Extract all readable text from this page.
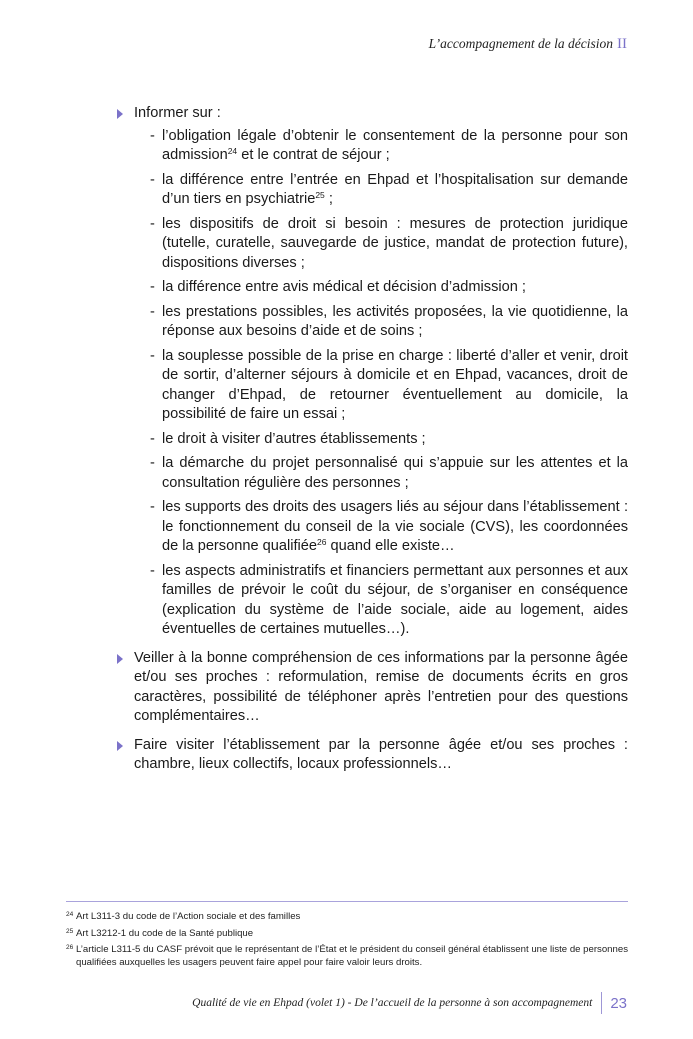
L’accompagnement de la décision II
Informer sur :
- l’obligation légale d’obtenir le consentement de la personne pour son admission$^{24}$ et le contrat de séjour ;
- la différence entre l’entrée en Ehpad et l’hospitalisation sur demande d’un tiers en psychiatrie$^{25}$ ;
- les dispositifs de droit si besoin : mesures de protection juridique (tutelle, curatelle, sauvegarde de justice, mandat de protection future), dispositions diverses ;
- la différence entre avis médical et décision d’admission ;
- les prestations possibles, les activités proposées, la vie quotidienne, la réponse aux besoins d’aide et de soins ;
- la souplesse possible de la prise en charge : liberté d’aller et venir, droit de sortir, d’alterner séjours à domicile et en Ehpad, vacances, droit de changer d’Ehpad, de retourner éventuellement au domicile, la possibilité de faire un essai ;
- le droit à visiter d’autres établissements ;
- la démarche du projet personnalisé qui s’appuie sur les attentes et la consultation régulière des personnes ;
- les supports des droits des usagers liés au séjour dans l’établissement : le fonctionnement du conseil de la vie sociale (CVS), les coordonnées de la personne qualifiée$^{26}$ quand elle existe…
- les aspects administratifs et financiers permettant aux personnes et aux familles de prévoir le coût du séjour, de s’organiser en conséquence (explication du système de l’aide sociale, aide au logement, aides éventuelles de certaines mutuelles…).
Veiller à la bonne compréhension de ces informations par la personne âgée et/ou ses proches : reformulation, remise de documents écrits en gros caractères, possibilité de téléphoner après l’entretien pour des questions complémentaires…
Faire visiter l’établissement par la personne âgée et/ou ses proches : chambre, lieux collectifs, locaux professionnels…
24 Art L311-3 du code de l’Action sociale et des familles
25 Art L3212-1 du code de la Santé publique
26 L’article L311-5 du CASF prévoit que le représentant de l’État et le président du conseil général établissent une liste de personnes qualifiées auxquelles les usagers peuvent faire appel pour faire valoir leurs droits.
Qualité de vie en Ehpad (volet 1) - De l’accueil de la personne à son accompagnement	23
